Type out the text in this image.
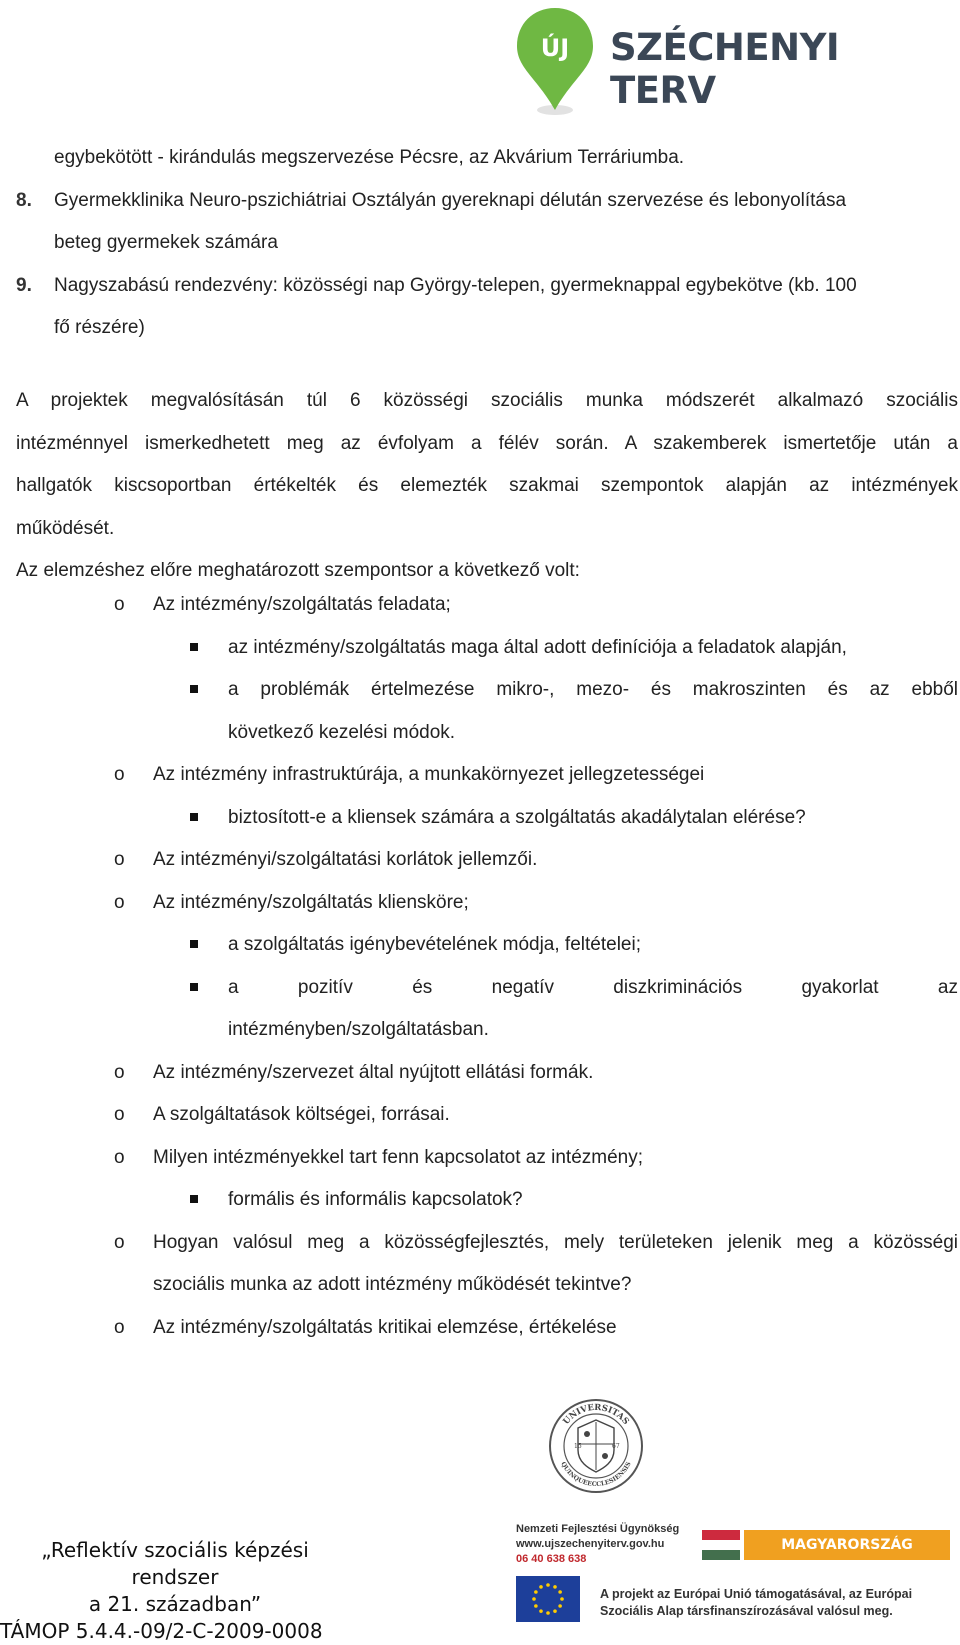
ÚJ SZÉCHENYI TERV
egybekötött - kirándulás megszervezése Pécsre, az Akvárium Terráriumba.
8. Gyermekklinika Neuro-pszichiátriai Osztályán gyereknapi délután szervezése és lebonyolítása
beteg gyermekek számára
9. Nagyszabású rendezvény: közösségi nap György-telepen, gyermeknappal egybekötve (kb. 100
fő részére)
A projektek megvalósításán túl 6 közösségi szociális munka módszerét alkalmazó szociális
intézménnyel ismerkedhetett meg az évfolyam a félév során. A szakemberek ismertetője után a
hallgatók kiscsoportban értékelték és elemezték szakmai szempontok alapján az intézmények
működését.
Az elemzéshez előre meghatározott szempontsor a következő volt:
o Az intézmény/szolgáltatás feladata;
az intézmény/szolgáltatás maga által adott definíciója a feladatok alapján,
a problémák értelmezése mikro-, mezo- és makroszinten és az ebből
következő kezelési módok.
o Az intézmény infrastruktúrája, a munkakörnyezet jellegzetességei
biztosított-e a kliensek számára a szolgáltatás akadálytalan elérése?
o Az intézményi/szolgáltatási korlátok jellemzői.
o Az intézmény/szolgáltatás klienskörе;
a szolgáltatás igénybevételének módja, feltételei;
a pozitív és negatív diszkriminációs gyakorlat az
intézményben/szolgáltatásban.
o Az intézmény/szervezet által nyújtott ellátási formák.
o A szolgáltatások költségei, forrásai.
o Milyen intézményekkel tart fenn kapcsolatot az intézmény;
formális és informális kapcsolatok?
o Hogyan valósul meg a közösségfejlesztés, mely területeken jelenik meg a közösségi
szociális munka az adott intézmény működését tekintve?
o Az intézmény/szolgáltatás kritikai elemzése, értékelése
UNIVERSITAS
QUINQUEECCLESIENSIS
15	67
„Reflektív szociális képzési rendszer
a 21. században”
TÁMOP 5.4.4.-09/2-C-2009-0008
Nemzeti Fejlesztési Ügynökség
www.ujszechenyiterv.gov.hu
06 40 638 638
MAGYARORSZÁG MEGÚJUL
A projekt az Európai Unió támogatásával, az Európai
Szociális Alap társfinanszírozásával valósul meg.
